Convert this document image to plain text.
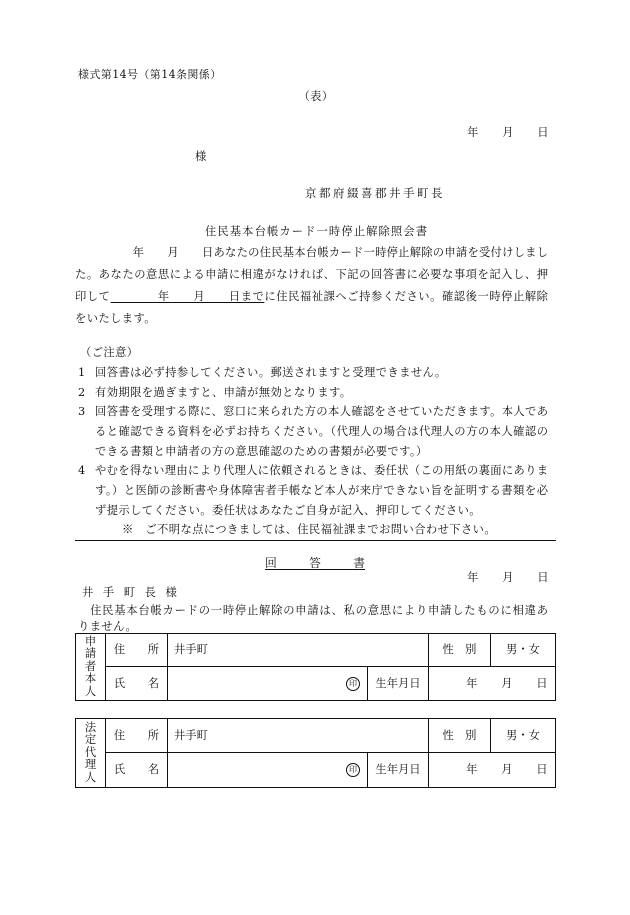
様式第14号（第14条関係）
（表）
年　　月　　日
様
京都府綴喜郡井手町長
住民基本台帳カード一時停止解除照会書
　　　　　年　　月　　日あなたの住民基本台帳カード一時停止解除の申請を受付けしまし
た。あなたの意思による申請に相違がなければ、下記の回答書に必要な事項を記入し、押
印して　　　　年　　月　　日までに住民福祉課へご持参ください。確認後一時停止解除
をいたします。
（ご注意）
1 回答書は必ず持参してください。郵送されますと受理できません。
2 有効期限を過ぎますと、申請が無効となります。
3 回答書を受理する際に、窓口に来られた方の本人確認をさせていただきます。本人であ
ると確認できる資料を必ずお持ちください。（代理人の場合は代理人の方の本人確認の
できる書類と申請者の方の意思確認のための書類が必要です。）
4 やむを得ない理由により代理人に依頼されるときは、委任状（この用紙の裏面にありま
す。）と医師の診断書や身体障害者手帳など本人が来庁できない旨を証明する書類を必
ず提示してください。委任状はあなたご自身が記入、押印してください。
※　ご不明な点につきましては、住民福祉課までお問い合わせ下さい。
回　　答　　書
年　　月　　日
井 手 町 長 様
　住民基本台帳カードの一時停止解除の申請は、私の意思により申請したものに相違あ
りません。
申請者本人	住　　所	井手町		性　別	男・女
	氏　　名	印	生年月日	年　　月　　日	
法定代理人	住　　所	井手町		性　別	男・女
	氏　　名	印	生年月日	年　　月　　日	
